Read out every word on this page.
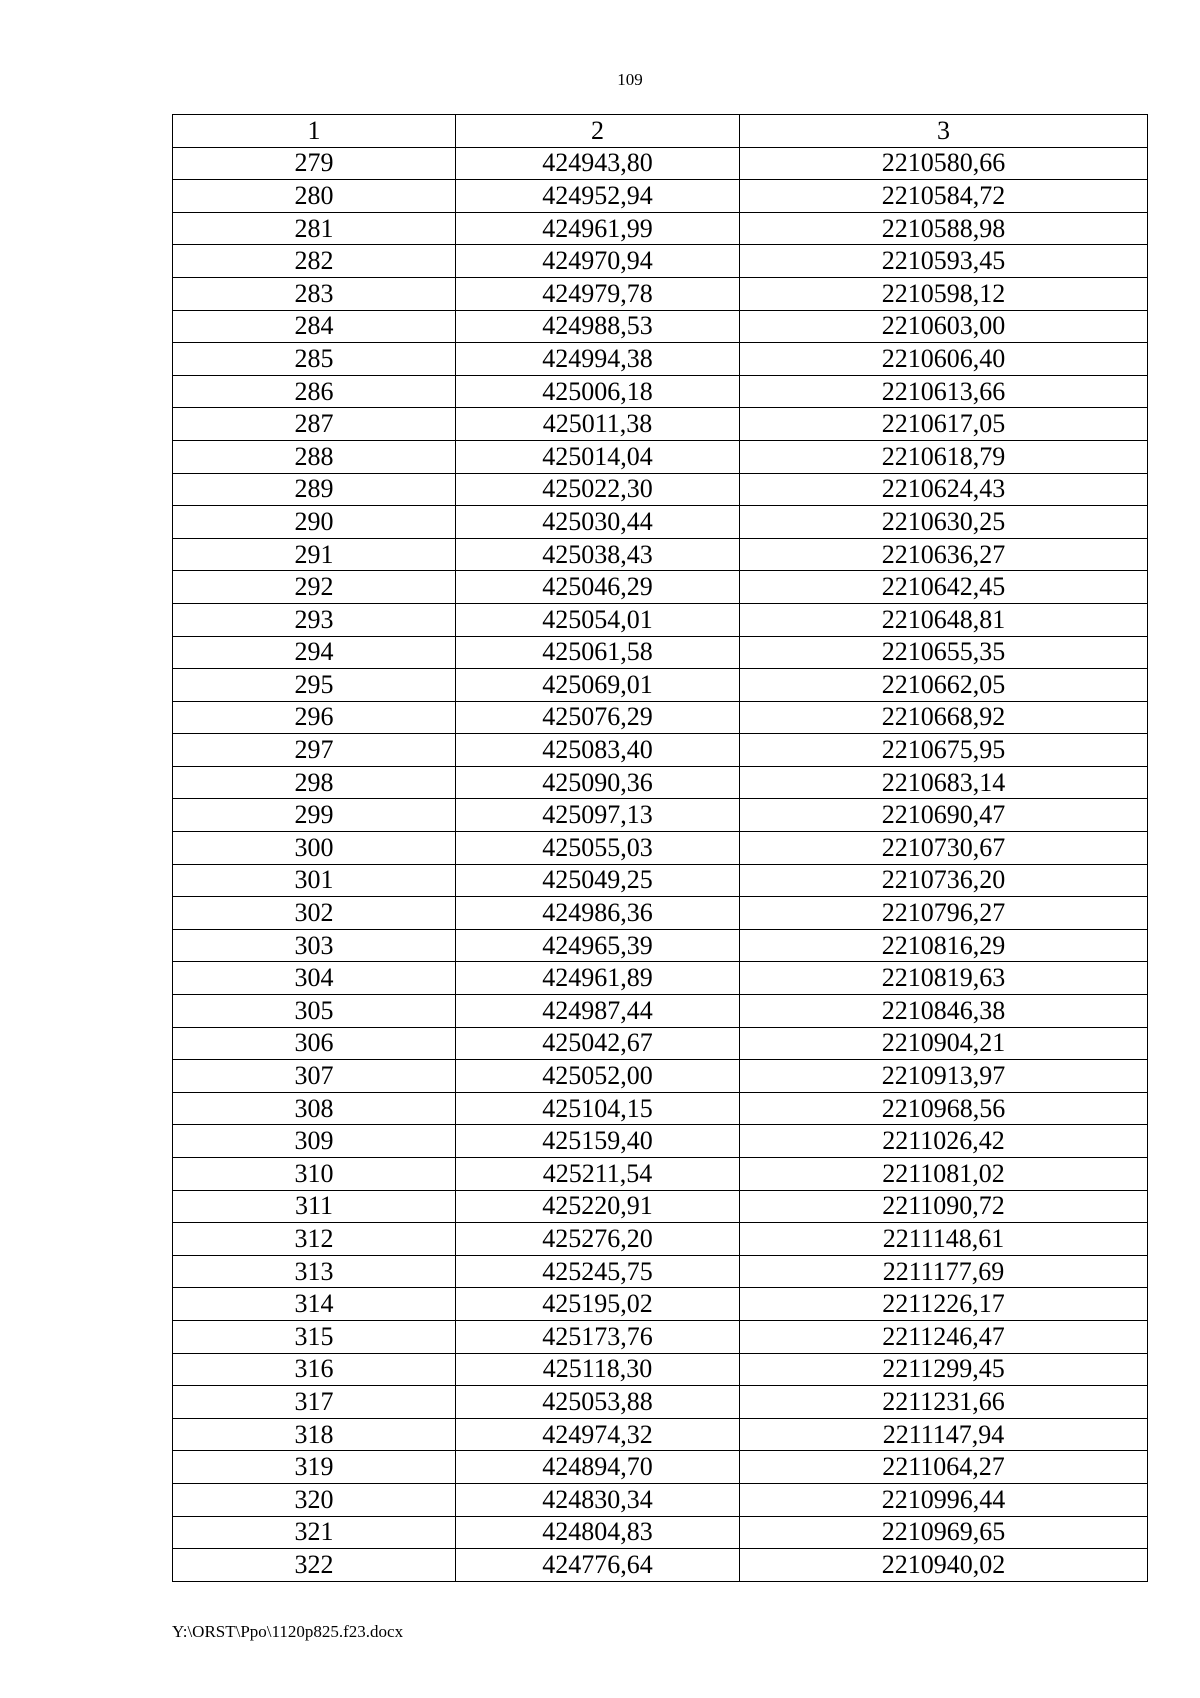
109
1	2	3
279	424943,80	2210580,66
280	424952,94	2210584,72
281	424961,99	2210588,98
282	424970,94	2210593,45
283	424979,78	2210598,12
284	424988,53	2210603,00
285	424994,38	2210606,40
286	425006,18	2210613,66
287	425011,38	2210617,05
288	425014,04	2210618,79
289	425022,30	2210624,43
290	425030,44	2210630,25
291	425038,43	2210636,27
292	425046,29	2210642,45
293	425054,01	2210648,81
294	425061,58	2210655,35
295	425069,01	2210662,05
296	425076,29	2210668,92
297	425083,40	2210675,95
298	425090,36	2210683,14
299	425097,13	2210690,47
300	425055,03	2210730,67
301	425049,25	2210736,20
302	424986,36	2210796,27
303	424965,39	2210816,29
304	424961,89	2210819,63
305	424987,44	2210846,38
306	425042,67	2210904,21
307	425052,00	2210913,97
308	425104,15	2210968,56
309	425159,40	2211026,42
310	425211,54	2211081,02
311	425220,91	2211090,72
312	425276,20	2211148,61
313	425245,75	2211177,69
314	425195,02	2211226,17
315	425173,76	2211246,47
316	425118,30	2211299,45
317	425053,88	2211231,66
318	424974,32	2211147,94
319	424894,70	2211064,27
320	424830,34	2210996,44
321	424804,83	2210969,65
322	424776,64	2210940,02
Y:\ORST\Ppo\1120p825.f23.docx
